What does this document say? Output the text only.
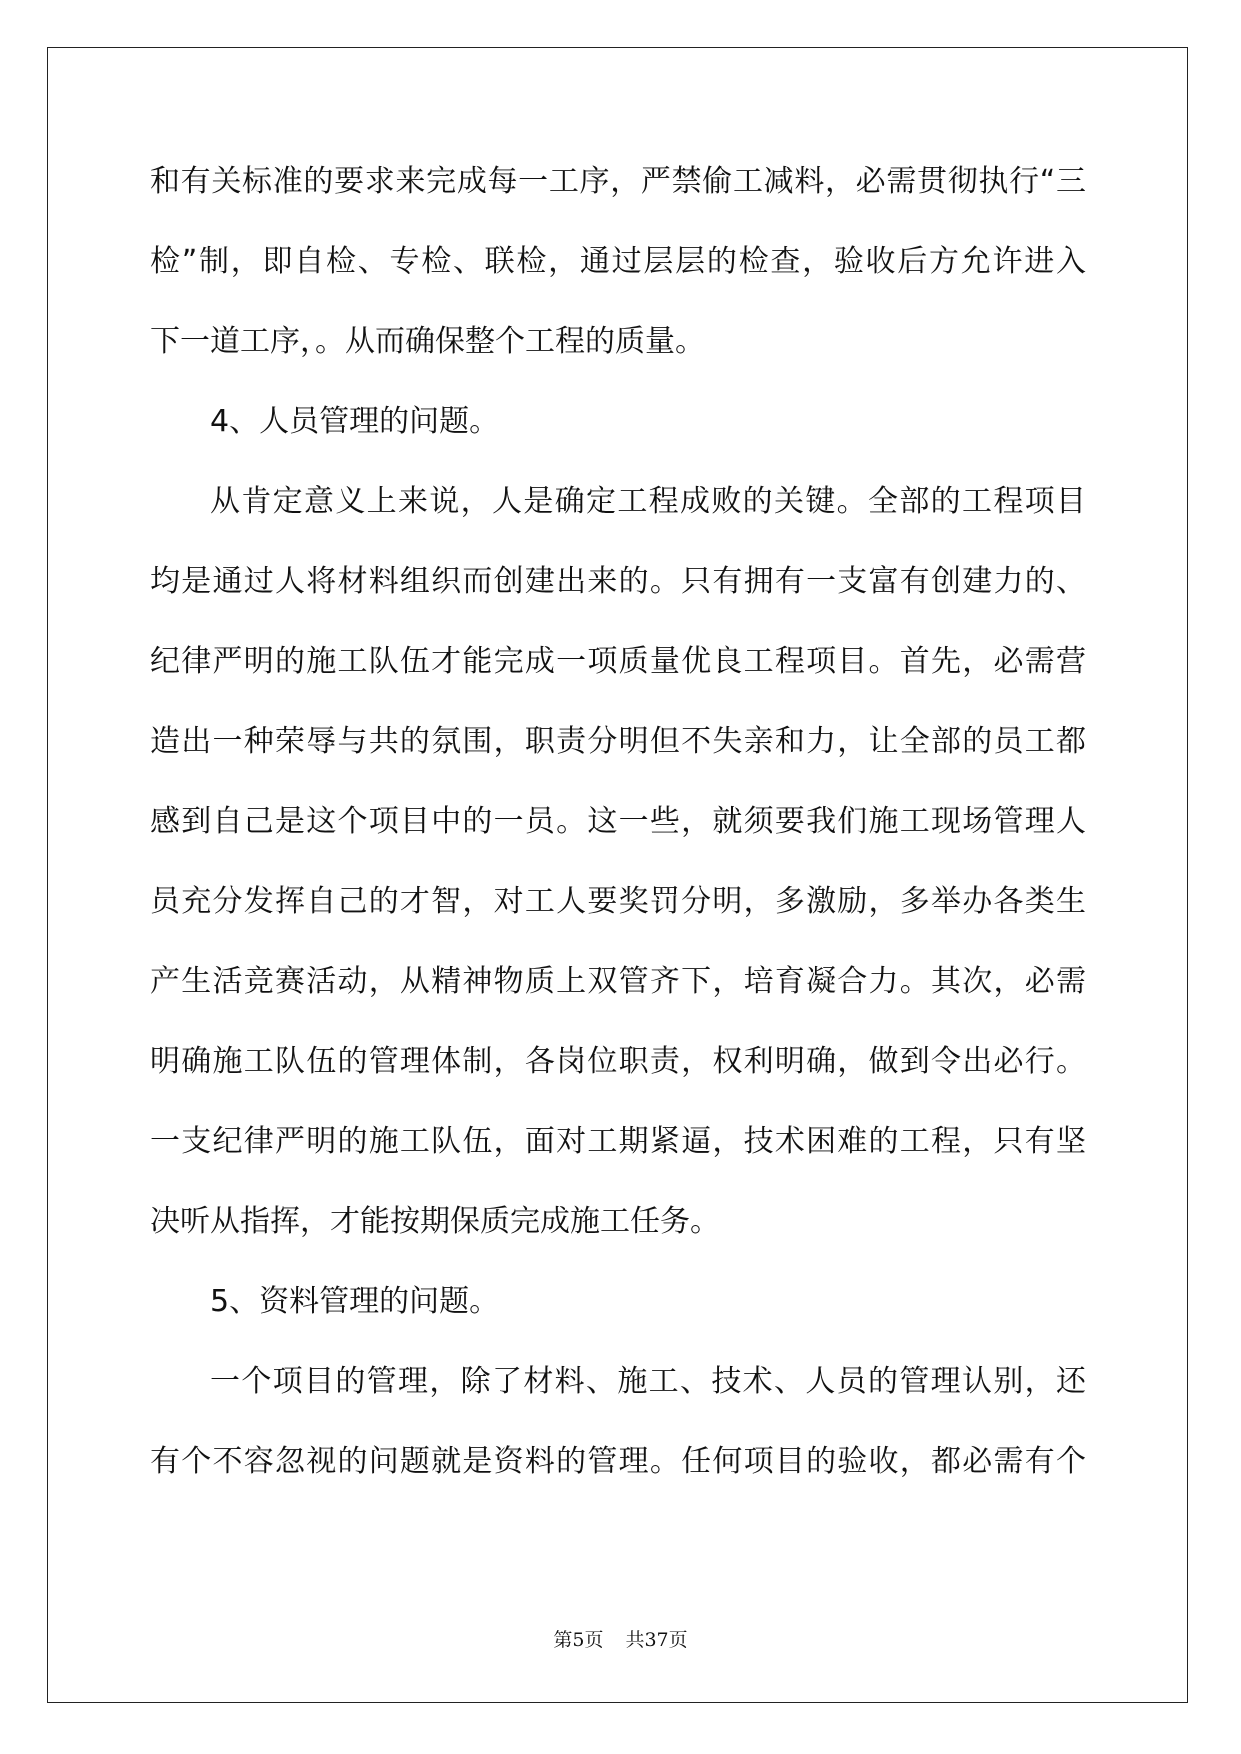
和有关标准的要求来完成每一工序，严禁偷工减料，必需贯彻执行“三
检”制，即自检、专检、联检，通过层层的检查，验收后方允许进入
下一道工序，。从而确保整个工程的质量。
4、人员管理的问题。
从肯定意义上来说，人是确定工程成败的关键。全部的工程项目
均是通过人将材料组织而创建出来的。只有拥有一支富有创建力的、
纪律严明的施工队伍才能完成一项质量优良工程项目。首先，必需营
造出一种荣辱与共的氛围，职责分明但不失亲和力，让全部的员工都
感到自己是这个项目中的一员。这一些，就须要我们施工现场管理人
员充分发挥自己的才智，对工人要奖罚分明，多激励，多举办各类生
产生活竞赛活动，从精神物质上双管齐下，培育凝合力。其次，必需
明确施工队伍的管理体制，各岗位职责，权利明确，做到令出必行。
一支纪律严明的施工队伍，面对工期紧逼，技术困难的工程，只有坚
决听从指挥，才能按期保质完成施工任务。
5、资料管理的问题。
一个项目的管理，除了材料、施工、技术、人员的管理认别，还
有个不容忽视的问题就是资料的管理。任何项目的验收，都必需有个
第5页 共37页
